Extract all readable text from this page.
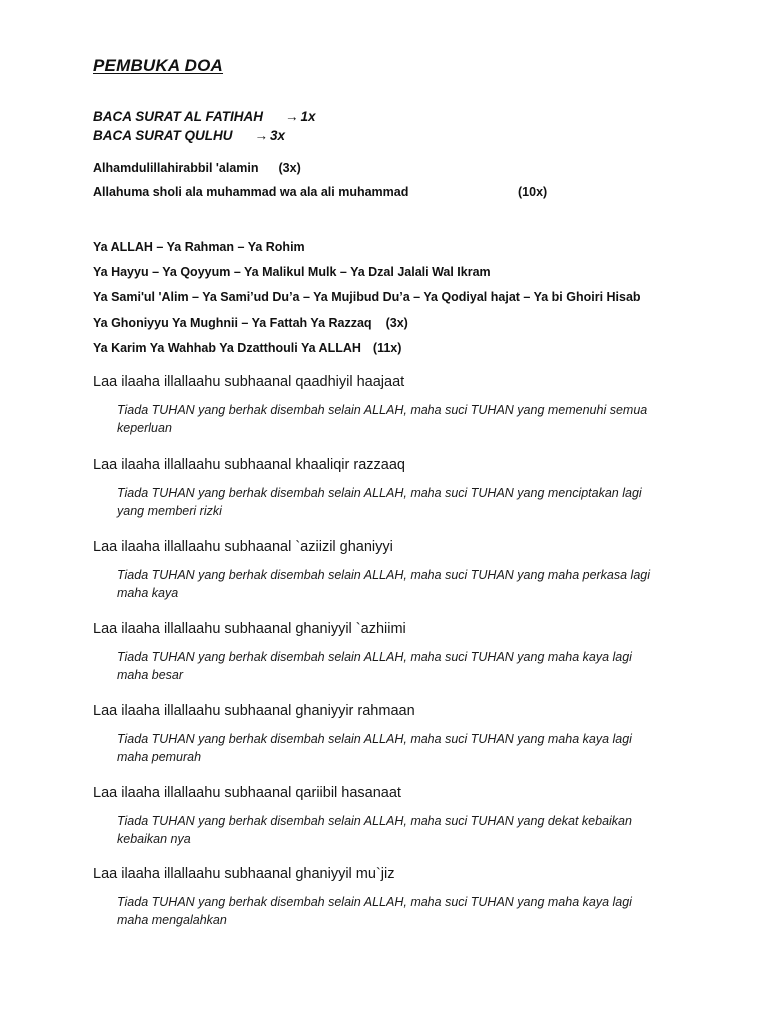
PEMBUKA DOA
BACA SURAT AL FATIHAH → 1x
BACA SURAT QULHU → 3x
Alhamdulillahirabbil 'alamin (3x)
Allahuma sholi ala muhammad wa ala ali muhammad	(10x)
Ya ALLAH – Ya Rahman – Ya Rohim
Ya Hayyu – Ya Qoyyum – Ya Malikul Mulk – Ya Dzal Jalali Wal Ikram
Ya Sami'ul 'Alim – Ya Sami’ud Du’a – Ya Mujibud Du’a – Ya Qodiyal hajat – Ya bi Ghoiri Hisab
Ya Ghoniyyu Ya Mughnii – Ya Fattah Ya Razzaq (3x)
Ya Karim Ya Wahhab Ya Dzatthouli Ya ALLAH (11x)
Laa ilaaha illallaahu subhaanal qaadhiyil haajaat
Tiada TUHAN yang berhak disembah selain ALLAH, maha suci TUHAN yang memenuhi semua
keperluan
Laa ilaaha illallaahu subhaanal khaaliqir razzaaq
Tiada TUHAN yang berhak disembah selain ALLAH, maha suci TUHAN yang menciptakan lagi
yang memberi rizki
Laa ilaaha illallaahu subhaanal `aziizil ghaniyyi
Tiada TUHAN yang berhak disembah selain ALLAH, maha suci TUHAN yang maha perkasa lagi
maha kaya
Laa ilaaha illallaahu subhaanal ghaniyyil `azhiimi
Tiada TUHAN yang berhak disembah selain ALLAH, maha suci TUHAN yang maha kaya lagi
maha besar
Laa ilaaha illallaahu subhaanal ghaniyyir rahmaan
Tiada TUHAN yang berhak disembah selain ALLAH, maha suci TUHAN yang maha kaya lagi
maha pemurah
Laa ilaaha illallaahu subhaanal qariibil hasanaat
Tiada TUHAN yang berhak disembah selain ALLAH, maha suci TUHAN yang dekat kebaikan
kebaikan nya
Laa ilaaha illallaahu subhaanal ghaniyyil mu`jiz
Tiada TUHAN yang berhak disembah selain ALLAH, maha suci TUHAN yang maha kaya lagi
maha mengalahkan
